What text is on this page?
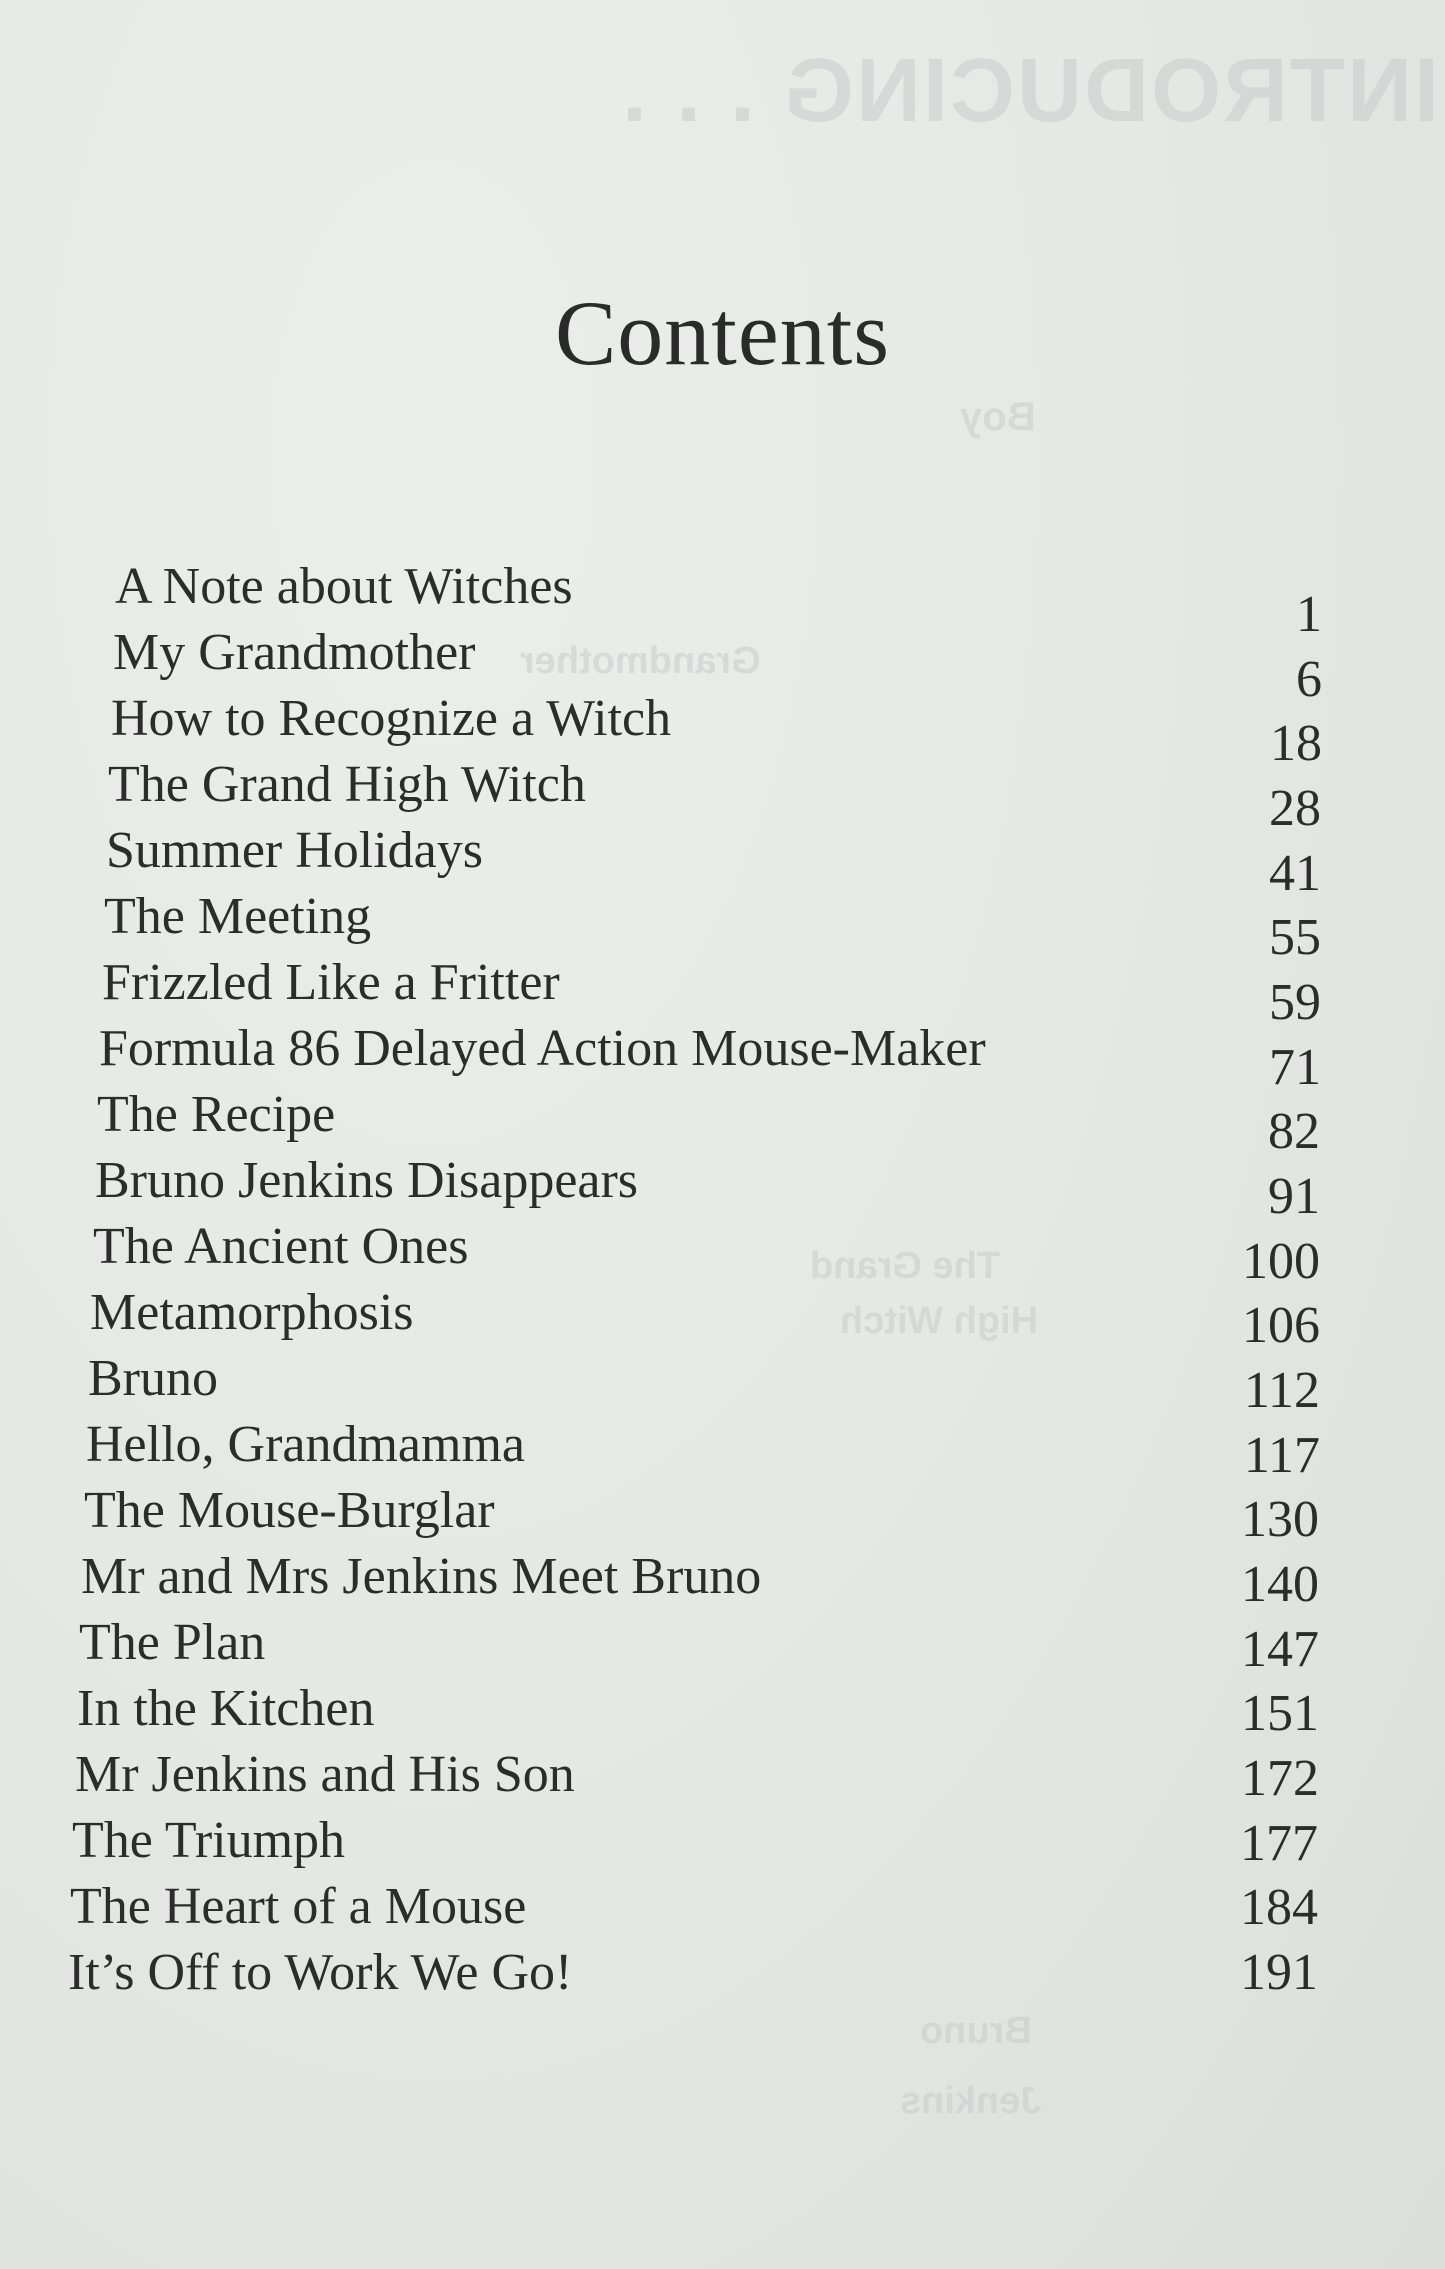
INTRODUCING . . .
Boy
Grandmother
The Grand
High Witch
Bruno
Jenkins
Contents
A Note about Witches	1
My Grandmother	6
How to Recognize a Witch	18
The Grand High Witch	28
Summer Holidays	41
The Meeting	55
Frizzled Like a Fritter	59
Formula 86 Delayed Action Mouse-Maker	71
The Recipe	82
Bruno Jenkins Disappears	91
The Ancient Ones	100
Metamorphosis	106
Bruno	112
Hello, Grandmamma	117
The Mouse-Burglar	130
Mr and Mrs Jenkins Meet Bruno	140
The Plan	147
In the Kitchen	151
Mr Jenkins and His Son	172
The Triumph	177
The Heart of a Mouse	184
It’s Off to Work We Go!	191
